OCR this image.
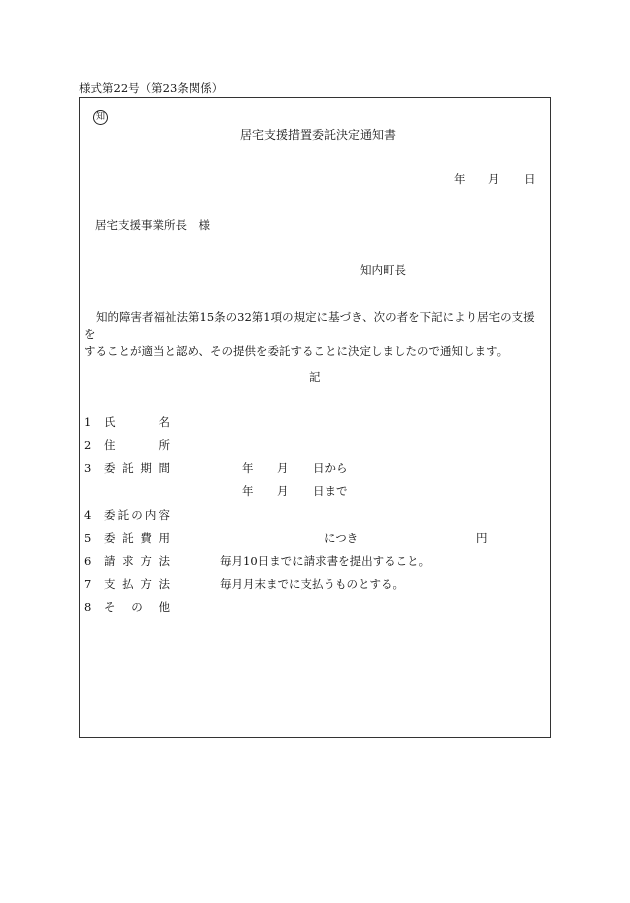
様式第22号（第23条関係）
知
居宅支援措置委託決定通知書
年 月 日
居宅支援事業所長　様
知内町長
知的障害者福祉法第15条の32第1項の規定に基づき、次の者を下記により居宅の支援を
することが適当と認め、その提供を委託することに決定しましたので通知します。
記
1 氏	名
2 住	所
3 委 託 期 間	年 月 日から
年 月 日まで
4 委 託 の 内 容
5 委 託 費 用	につき	円
6 請 求 方 法	毎月10日までに請求書を提出すること。
7 支 払 方 法	毎月月末までに支払うものとする。
8 そ の 他
